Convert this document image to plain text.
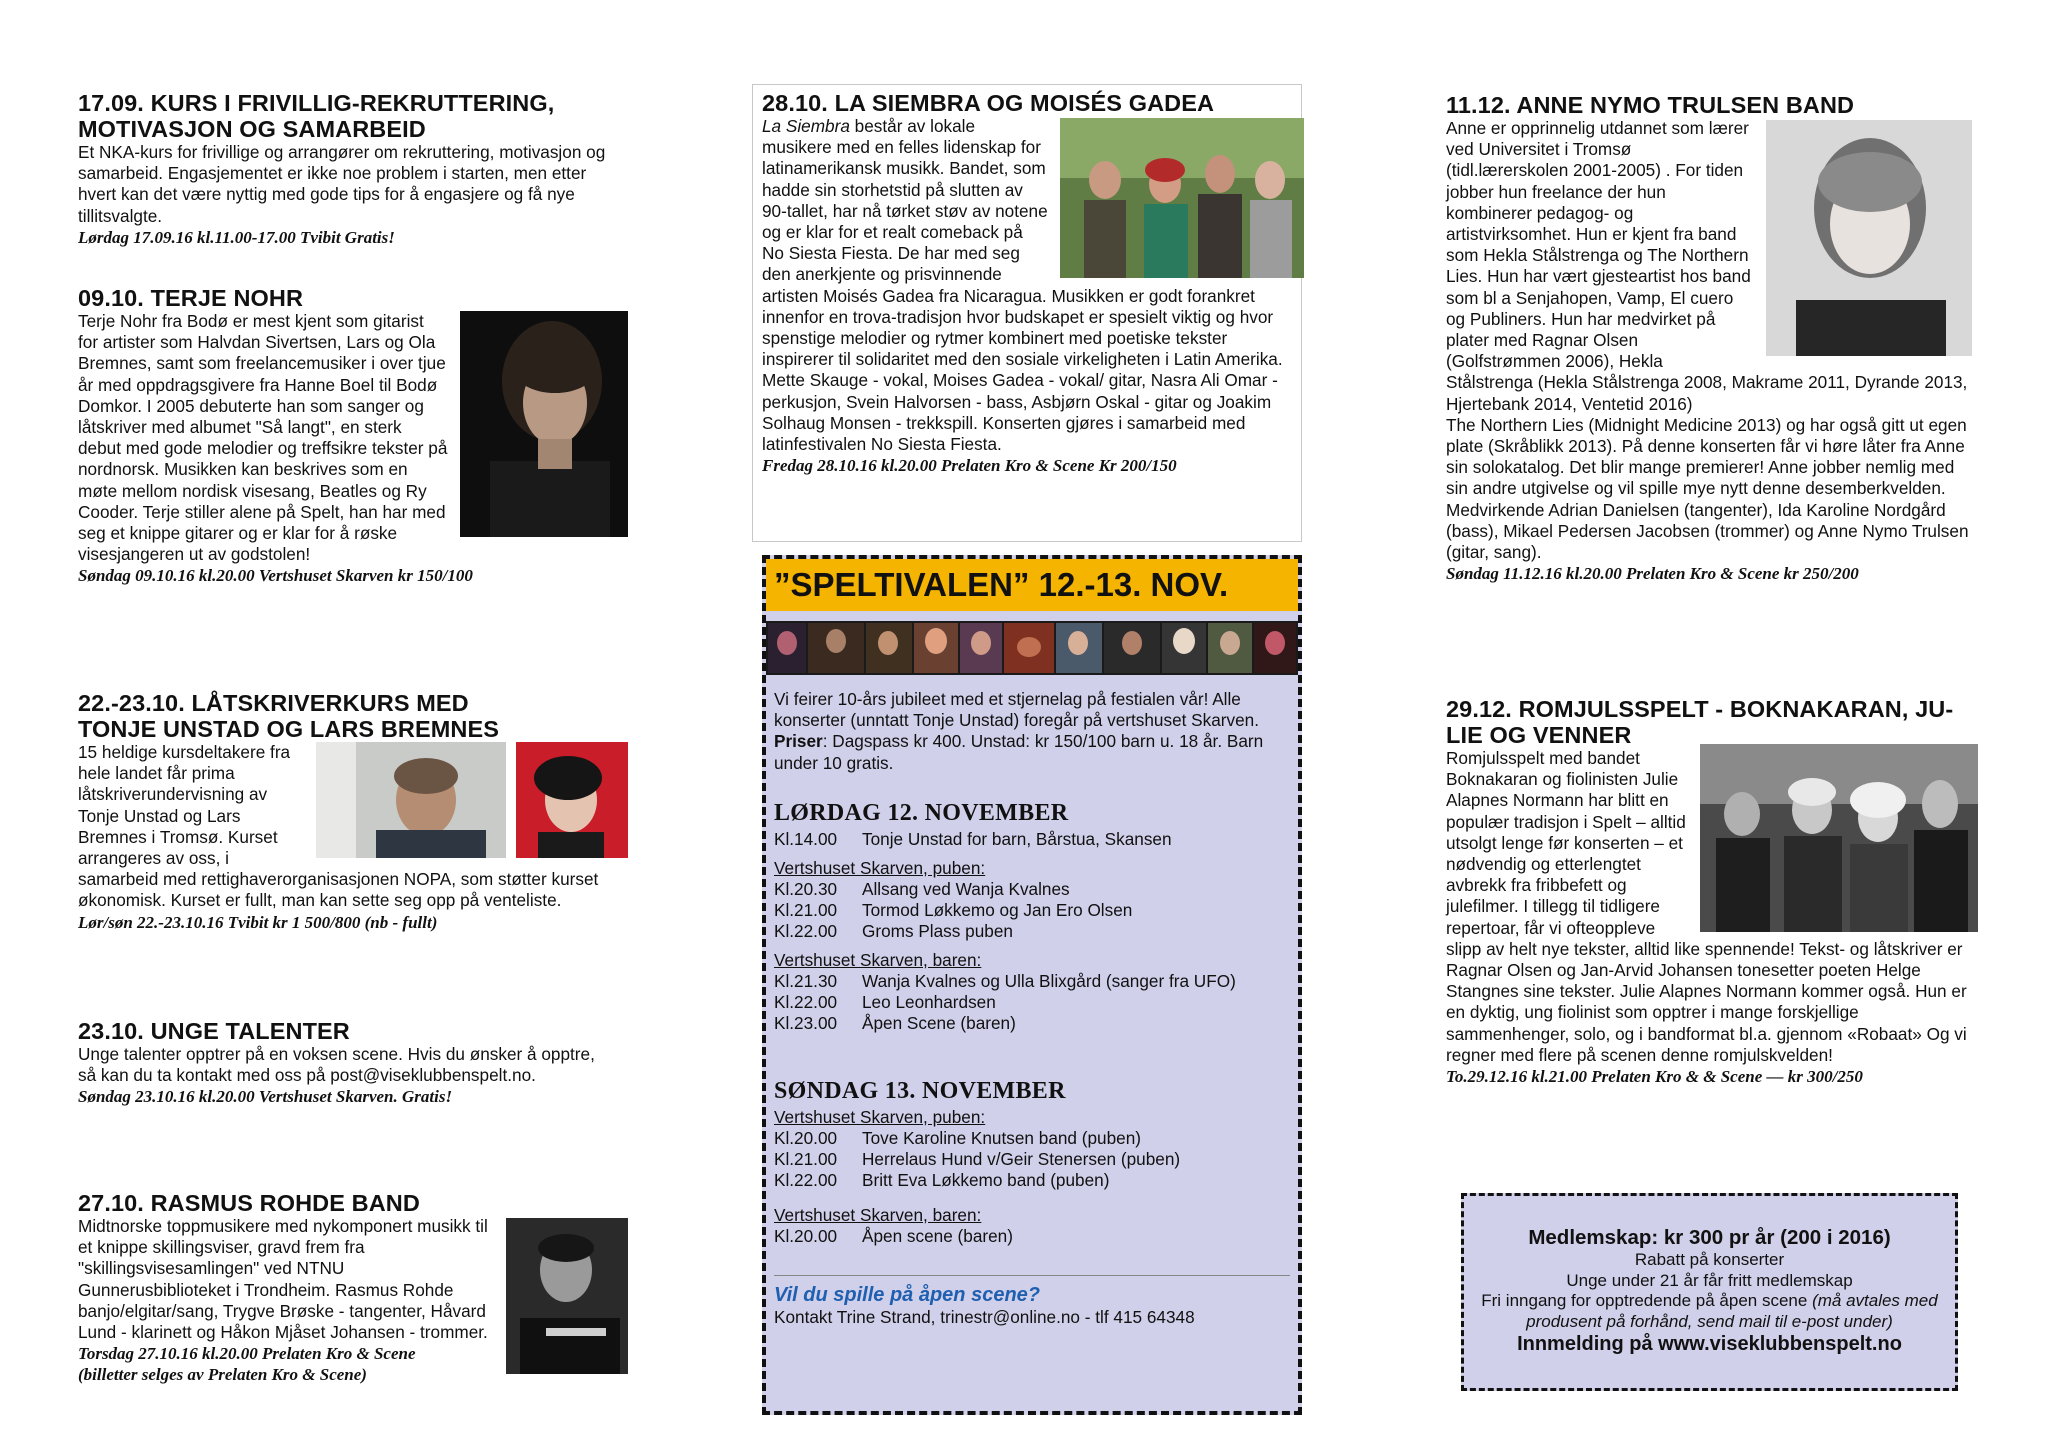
17.09. KURS I FRIVILLIG-REKRUTTERING,
MOTIVASJON OG SAMARBEID

Et NKA-kurs for frivillige og arrangører om rekruttering, motivasjon og samarbeid. Engasjementet er ikke noe problem i starten, men etter hvert kan det være nyttig med gode tips for å engasjere og få nye tillitsvalgte.

Lørdag 17.09.16 kl.11.00-17.00 Tvibit Gratis!

09.10. TERJE NOHR

Terje Nohr fra Bodø er mest kjent som gitarist for artister som Halvdan Sivertsen, Lars og Ola Bremnes, samt som freelancemusiker i over tjue år med oppdragsgivere fra Hanne Boel til Bodø Domkor. I 2005 debuterte han som sanger og låtskriver med albumet "Så langt", en sterk debut med gode melodier og treffsikre tekster på nordnorsk. Musikken kan beskrives som en møte mellom nordisk visesang, Beatles og Ry Cooder. Terje stiller alene på Spelt, han har med seg et knippe gitarer og er klar for å røske visesjangeren ut av godstolen!

Søndag 09.10.16 kl.20.00 Vertshuset Skarven kr 150/100

22.-23.10. LÅTSKRIVERKURS MED
TONJE UNSTAD OG LARS BREMNES

15 heldige kursdeltakere fra hele landet får prima låtskriverundervisning av Tonje Unstad og Lars Bremnes i Tromsø. Kurset arrangeres av oss, i samarbeid med rettighaverorganisasjonen NOPA, som støtter kurset økonomisk. Kurset er fullt, man kan sette seg opp på venteliste.

Lør/søn 22.-23.10.16 Tvibit kr 1 500/800 (nb - fullt)

23.10. UNGE TALENTER

Unge talenter opptrer på en voksen scene. Hvis du ønsker å opptre, så kan du ta kontakt med oss på post@viseklubbenspelt.no.

Søndag 23.10.16 kl.20.00 Vertshuset Skarven. Gratis!

27.10. RASMUS ROHDE BAND

Midtnorske toppmusikere med nykomponert musikk til et knippe skillingsviser, gravd frem fra "skillingsvisesamlingen" ved NTNU Gunnerusbiblioteket i Trondheim. Rasmus Rohde banjo/elgitar/sang, Trygve Brøske - tangenter, Håvard Lund - klarinett og Håkon Mjåset Johansen - trommer.

Torsdag 27.10.16 kl.20.00 Prelaten Kro & Scene

(billetter selges av Prelaten Kro & Scene)

28.10. LA SIEMBRA OG MOISÉS GADEA

La Siembra består av lokale musikere med en felles lidenskap for latinamerikansk musikk. Bandet, som hadde sin storhetstid på slutten av 90-tallet, har nå tørket støv av notene og er klar for et realt comeback på No Siesta Fiesta. De har med seg den anerkjente og prisvinnende artisten Moisés Gadea fra Nicaragua. Musikken er godt forankret innenfor en trova-tradisjon hvor budskapet er spesielt viktig og hvor spenstige melodier og rytmer kombinert med poetiske tekster inspirerer til solidaritet med den sosiale virkeligheten i Latin Amerika. Mette Skauge - vokal, Moises Gadea - vokal/ gitar, Nasra Ali Omar - perkusjon, Svein Halvorsen - bass, Asbjørn Oskal - gitar og Joakim Solhaug Monsen - trekkspill. Konserten gjøres i samarbeid med latinfestivalen No Siesta Fiesta.

Fredag 28.10.16 kl.20.00 Prelaten Kro & Scene Kr 200/150

”SPELTIVALEN” 12.-13. NOV.
Vi feirer 10-års jubileet med et stjernelag på festialen vår! Alle konserter (unntatt Tonje Unstad) foregår på vertshuset Skarven.
Priser: Dagspass kr 400. Unstad: kr 150/100 barn u. 18 år. Barn under 10 gratis.
LØRDAG 12. NOVEMBER
Kl.14.00	Tonje Unstad for barn, Bårstua, Skansen
Vertshuset Skarven, puben:
Kl.20.30	Allsang ved Wanja Kvalnes
Kl.21.00	Tormod Løkkemo og Jan Ero Olsen
Kl.22.00	Groms Plass puben
Vertshuset Skarven, baren:
Kl.21.30	Wanja Kvalnes og Ulla Blixgård (sanger fra UFO)
Kl.22.00	Leo Leonhardsen
Kl.23.00	Åpen Scene (baren)
SØNDAG 13. NOVEMBER
Vertshuset Skarven, puben:
Kl.20.00	Tove Karoline Knutsen band (puben)
Kl.21.00	Herrelaus Hund v/Geir Stenersen (puben)
Kl.22.00	Britt Eva Løkkemo band (puben)
Vertshuset Skarven, baren:
Kl.20.00	Åpen scene (baren)
Vil du spille på åpen scene?
Kontakt Trine Strand, trinestr@online.no - tlf 415 64348
11.12. ANNE NYMO TRULSEN BAND

Anne er opprinnelig utdannet som lærer ved Universitet i Tromsø (tidl.lærerskolen 2001-2005) . For tiden jobber hun freelance der hun kombinerer pedagog- og artistvirksomhet. Hun er kjent fra band som Hekla Stålstrenga og The Northern Lies. Hun har vært gjesteartist hos band som bl a Senjahopen, Vamp, El cuero og Publiners. Hun har medvirket på plater med Ragnar Olsen (Golfstrømmen 2006), Hekla Stålstrenga (Hekla Stålstrenga 2008, Makrame 2011, Dyrande 2013, Hjertebank 2014, Ventetid 2016)

The Northern Lies (Midnight Medicine 2013) og har også gitt ut egen plate (Skråblikk 2013). På denne konserten får vi høre låter fra Anne sin solokatalog. Det blir mange premierer! Anne jobber nemlig med sin andre utgivelse og vil spille mye nytt denne desemberkvelden. Medvirkende Adrian Danielsen (tangenter), Ida Karoline Nordgård (bass), Mikael Pedersen Jacobsen (trommer) og Anne Nymo Trulsen (gitar, sang).

Søndag 11.12.16 kl.20.00 Prelaten Kro & Scene kr 250/200

29.12. ROMJULSSPELT - BOKNAKARAN, JU-
LIE OG VENNER

Romjulsspelt med bandet Boknakaran og fiolinisten Julie Alapnes Normann har blitt en populær tradisjon i Spelt – alltid utsolgt lenge før konserten – et nødvendig og etterlengtet avbrekk fra fribbefett og julefilmer. I tillegg til tidligere repertoar, får vi ofteoppleve slipp av helt nye tekster, alltid like spennende! Tekst- og låtskriver er Ragnar Olsen og Jan-Arvid Johansen tonesetter poeten Helge Stangnes sine tekster. Julie Alapnes Normann kommer også. Hun er en dyktig, ung fiolinist som opptrer i mange forskjellige sammenhenger, solo, og i bandformat bl.a. gjennom «Robaat» Og vi regner med flere på scenen denne romjulskvelden!

To.29.12.16 kl.21.00 Prelaten Kro & & Scene — kr 300/250

Medlemskap: kr 300 pr år (200 i 2016)
Rabatt på konserter
Unge under 21 år får fritt medlemskap
Fri inngang for opptredende på åpen scene (må avtales med produsent på forhånd, send mail til e-post under)
Innmelding på www.viseklubbenspelt.no
